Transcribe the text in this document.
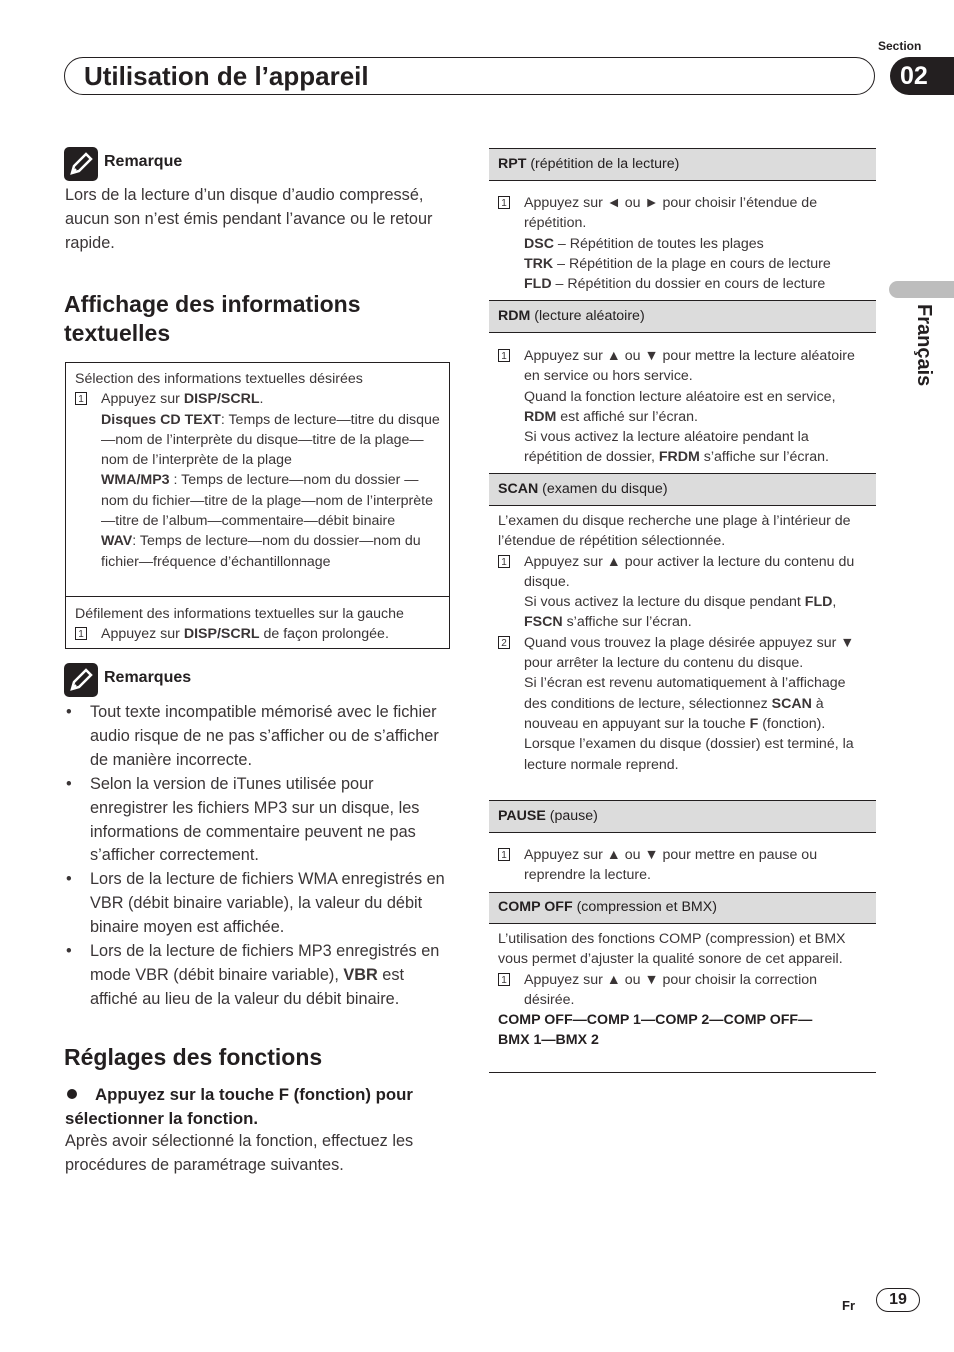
Section
Utilisation de l’appareil	02
Français
Remarque
Lors de la lecture d’un disque d’audio compressé, aucun son n’est émis pendant l’avance ou le retour rapide.
Affichage des informations
textuelles
Sélection des informations textuelles désirées
1 Appuyez sur DISP/SCRL.
Disques CD TEXT: Temps de lecture—titre du disque—nom de l’interprète du disque—titre de la plage—nom de l’interprète de la plage
WMA/MP3 : Temps de lecture—nom du dossier —nom du fichier—titre de la plage—nom de l’interprète—titre de l’album—commentaire—débit binaire
WAV: Temps de lecture—nom du dossier—nom du fichier—fréquence d’échantillonnage
Défilement des informations textuelles sur la gauche
1 Appuyez sur DISP/SCRL de façon prolongée.
Remarques
• Tout texte incompatible mémorisé avec le fichier audio risque de ne pas s’afficher ou de s’afficher de manière incorrecte.
• Selon la version de iTunes utilisée pour enregistrer les fichiers MP3 sur un disque, les informations de commentaire peuvent ne pas s’afficher correctement.
• Lors de la lecture de fichiers WMA enregistrés en VBR (débit binaire variable), la valeur du débit binaire moyen est affichée.
• Lors de la lecture de fichiers MP3 enregistrés en mode VBR (débit binaire variable), VBR est affiché au lieu de la valeur du débit binaire.
Réglages des fonctions
Appuyez sur la touche F (fonction) pour sélectionner la fonction.
Après avoir sélectionné la fonction, effectuez les procédures de paramétrage suivantes.
RPT (répétition de la lecture)
1 Appuyez sur ◄ ou ► pour choisir l’étendue de répétition.
DSC – Répétition de toutes les plages
TRK – Répétition de la plage en cours de lecture
FLD – Répétition du dossier en cours de lecture
RDM (lecture aléatoire)
1 Appuyez sur ▲ ou ▼ pour mettre la lecture aléatoire en service ou hors service.
Quand la fonction lecture aléatoire est en service,
RDM est affiché sur l’écran.
Si vous activez la lecture aléatoire pendant la répétition de dossier, FRDM s’affiche sur l’écran.
SCAN (examen du disque)
L’examen du disque recherche une plage à l’intérieur de l’étendue de répétition sélectionnée.
1 Appuyez sur ▲ pour activer la lecture du contenu du disque.
Si vous activez la lecture du disque pendant FLD,
FSCN s’affiche sur l’écran.
2 Quand vous trouvez la plage désirée appuyez sur ▼ pour arrêter la lecture du contenu du disque.
Si l’écran est revenu automatiquement à l’affichage des conditions de lecture, sélectionnez SCAN à nouveau en appuyant sur la touche F (fonction).
Lorsque l’examen du disque (dossier) est terminé, la lecture normale reprend.
PAUSE (pause)
1 Appuyez sur ▲ ou ▼ pour mettre en pause ou reprendre la lecture.
COMP OFF (compression et BMX)
L’utilisation des fonctions COMP (compression) et BMX vous permet d’ajuster la qualité sonore de cet appareil.
1 Appuyez sur ▲ ou ▼ pour choisir la correction désirée.
COMP OFF—COMP 1—COMP 2—COMP OFF—
BMX 1—BMX 2
Fr	19
